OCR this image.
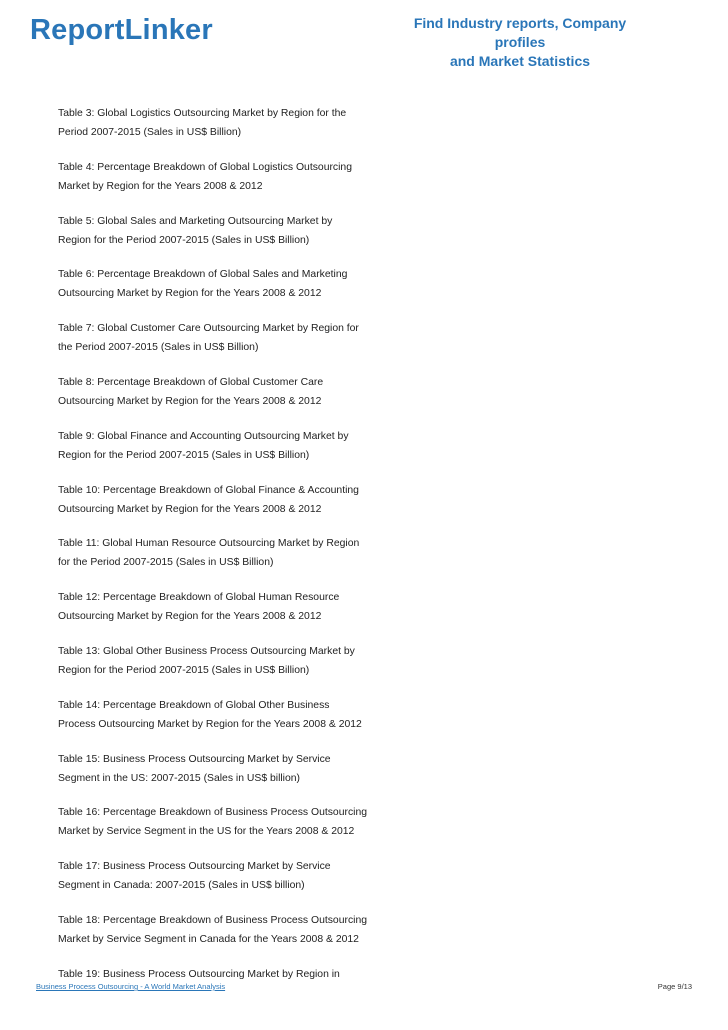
ReportLinker	Find Industry reports, Company profiles
and Market Statistics
Table 3: Global Logistics Outsourcing Market by Region for the
Period 2007-2015 (Sales in US$ Billion)
Table 4: Percentage Breakdown of Global Logistics Outsourcing
Market by Region for the Years 2008 & 2012
Table 5: Global Sales and Marketing Outsourcing Market by
Region for the Period 2007-2015 (Sales in US$ Billion)
Table 6: Percentage Breakdown of Global Sales and Marketing
Outsourcing Market by Region for the Years 2008 & 2012
Table 7: Global Customer Care Outsourcing Market by Region for
the Period 2007-2015 (Sales in US$ Billion)
Table 8: Percentage Breakdown of Global Customer Care
Outsourcing Market by Region for the Years 2008 & 2012
Table 9: Global Finance and Accounting Outsourcing Market by
Region for the Period 2007-2015 (Sales in US$ Billion)
Table 10: Percentage Breakdown of Global Finance & Accounting
Outsourcing Market by Region for the Years 2008 & 2012
Table 11: Global Human Resource Outsourcing Market by Region
for the Period 2007-2015 (Sales in US$ Billion)
Table 12: Percentage Breakdown of Global Human Resource
Outsourcing Market by Region for the Years 2008 & 2012
Table 13: Global Other Business Process Outsourcing Market by
Region for the Period 2007-2015 (Sales in US$ Billion)
Table 14: Percentage Breakdown of Global Other Business
Process Outsourcing Market by Region for the Years 2008 & 2012
Table 15: Business Process Outsourcing Market by Service
Segment in the US: 2007-2015 (Sales in US$ billion)
Table 16: Percentage Breakdown of Business Process Outsourcing
Market by Service Segment in the US for the Years 2008 & 2012
Table 17: Business Process Outsourcing Market by Service
Segment in Canada: 2007-2015 (Sales in US$ billion)
Table 18: Percentage Breakdown of Business Process Outsourcing
Market by Service Segment in Canada for the Years 2008 & 2012
Table 19: Business Process Outsourcing Market by Region in
Business Process Outsourcing - A World Market Analysis	Page 9/13
